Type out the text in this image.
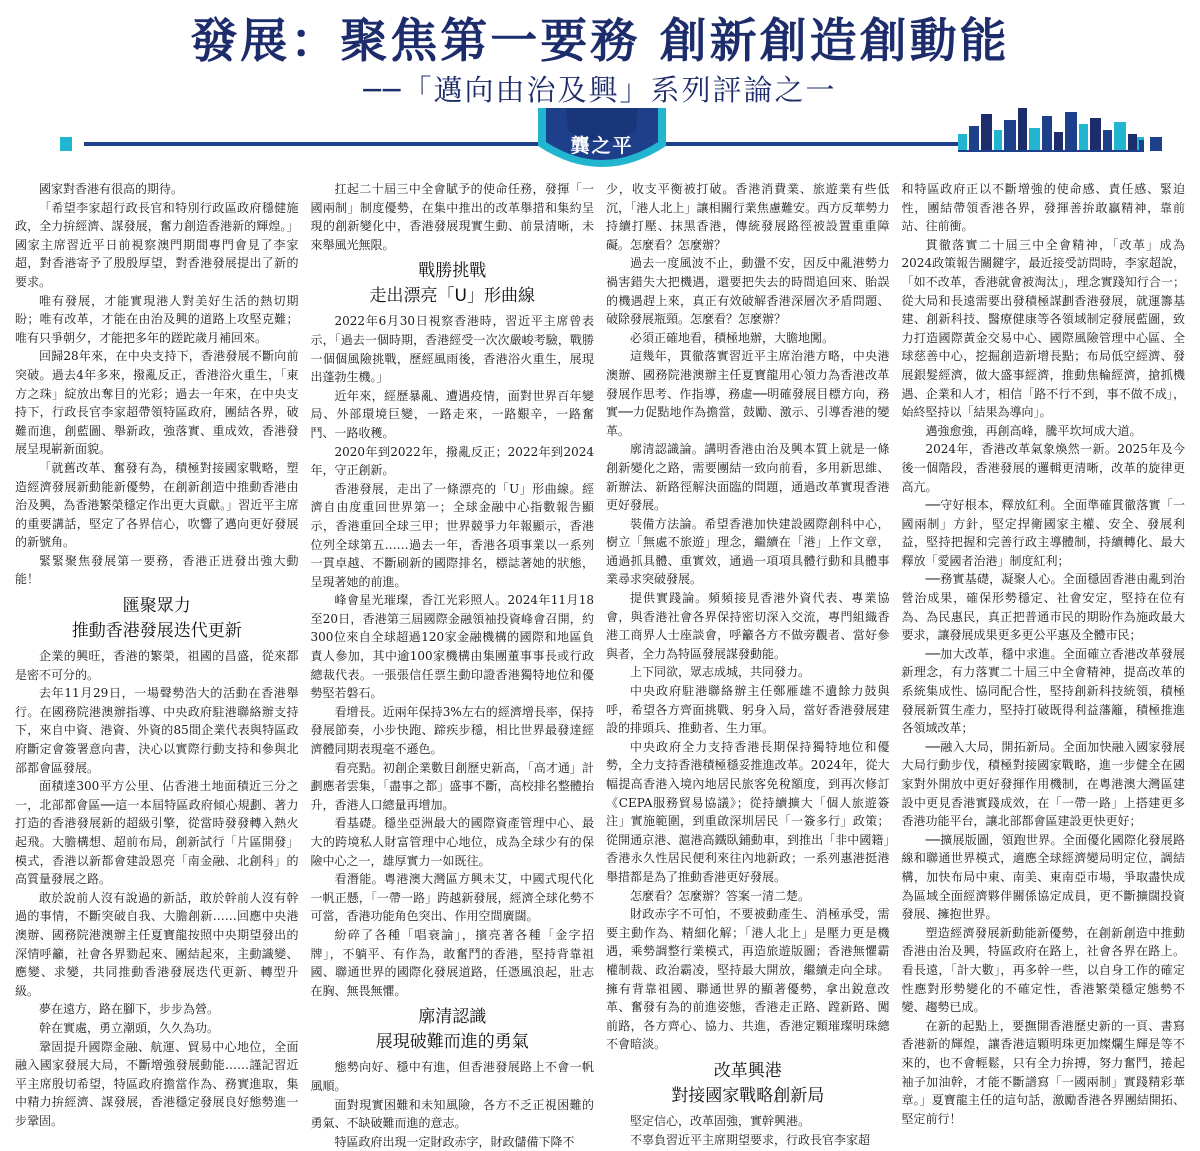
發展：聚焦第一要務 創新創造創動能
──「邁向由治及興」系列評論之一
龔之平

國家對香港有很高的期待。

「希望李家超行政長官和特別行政區政府穩健施政，全力拚經濟、謀發展，奮力創造香港新的輝煌。」國家主席習近平日前視察澳門期間專門會見了李家超，對香港寄予了殷殷厚望，對香港發展提出了新的要求。

唯有發展，才能實現港人對美好生活的熱切期盼；唯有改革，才能在由治及興的道路上攻堅克難；唯有只爭朝夕，才能把多年的蹉跎歲月補回來。

回歸28年來，在中央支持下，香港發展不斷向前突破。過去4年多來，撥亂反正，香港浴火重生，「東方之珠」綻放出奪目的光彩；過去一年來，在中央支持下，行政長官李家超帶領特區政府，團結各界，破難而進，創藍圖、舉新政，強落實、重成效，香港發展呈現嶄新面貌。

「就舊改革、奮發有為，積極對接國家戰略，塑造經濟發展新動能新優勢，在創新創造中推動香港由治及興，為香港繁榮穩定作出更大貢獻。」習近平主席的重要講話，堅定了各界信心，吹響了邁向更好發展的新號角。

緊緊聚焦發展第一要務，香港正迸發出強大動能！

匯聚眾力
推動香港發展迭代更新

企業的興旺，香港的繁榮，祖國的昌盛，從來都是密不可分的。

去年11月29日，一場聲勢浩大的活動在香港舉行。在國務院港澳辦指導、中央政府駐港聯絡辦支持下，來自中資、港資、外資的85間企業代表與特區政府斷定會簽署意向書，決心以實際行動支持和參與北部都會區發展。

面積達300平方公里、佔香港土地面積近三分之一，北部都會區──這一本屆特區政府傾心規劃、著力打造的香港發展新的超級引擎，從當時發發轉入熱火起飛。大膽構想、超前布局，創新試行「片區開發」模式，香港以新都會建設恩亮「南金融、北創科」的高質量發展之路。

敢於說前人沒有說過的新話，敢於幹前人沒有幹過的事情，不斷突破自我、大膽創新……回應中央港澳辦、國務院港澳辦主任夏寶龍按照中央期望發出的深情呼籲，社會各界勠起來、團結起來，主動識變、應變、求變，共同推動香港發展迭代更新、轉型升級。

夢在遠方，路在腳下，步步為營。

幹在實處，勇立潮頭，久久為功。

鞏固提升國際金融、航運、貿易中心地位，全面融入國家發展大局，不斷增強發展動能……謹記習近平主席殷切希望，特區政府擔當作為、務實進取，集中精力拚經濟、謀發展，香港穩定發展良好態勢進一步鞏固。

扛起二十屆三中全會賦予的使命任務，發揮「一國兩制」制度優勢，在集中推出的改革舉措和集約呈現的創新變化中，香港發展現實生動、前景清晰，未來舉風光無限。

戰勝挑戰
走出漂亮「U」形曲線

2022年6月30日視察香港時，習近平主席曾表示，「過去一個時期，香港經受一次次嚴峻考驗，戰勝一個個風險挑戰，歷經風雨後，香港浴火重生，展現出蓬勃生機。」

近年來，經歷暴亂、遭遇疫情，面對世界百年變局、外部環境巨變，一路走來，一路艱辛，一路奮鬥、一路收穫。

2020年到2022年，撥亂反正；2022年到2024年，守正創新。

香港發展，走出了一條漂亮的「U」形曲線。經濟自由度重回世界第一；全球金融中心指數報告顯示，香港重回全球三甲；世界競爭力年報顯示，香港位列全球第五……過去一年，香港各項事業以一系列一貫卓越、不斷刷新的國際排名，標誌著她的狀態，呈現著她的前進。

峰會星光璀璨，香江光彩照人。2024年11月18至20日，香港第三屆國際金融領袖投資峰會召開，約300位來自全球超過120家金融機構的國際和地區負責人參加，其中逾100家機構由集團董事事長或行政總裁代表。一張張信任票生動印證香港獨特地位和優勢堅若磐石。

看增長。近兩年保持3%左右的經濟增長率，保持發展節奏，小步快跑、蹄疾步穩，相比世界最發達經濟體同期表現毫不遜色。

看亮點。初創企業數目創歷史新高，「高才通」計劃應者雲集，「盡事之都」盛事不斷，高校排名整體抬升，香港人口總量再增加。

看基礎。穩坐亞洲最大的國際資產管理中心、最大的跨境私人財富管理中心地位，成為全球少有的保險中心之一，雄厚實力一如既往。

看潛能。粵港澳大灣區方興未艾，中國式現代化一帆正懸，「一帶一路」跨越新發展，經濟全球化勢不可當，香港功能角色突出、作用空間廣闊。

紛碎了各種「唱衰論」，擯亮著各種「金字招牌」，不躺平、有作為，敢奮鬥的香港，堅持背靠祖國、聯通世界的國際化發展道路，任憑風浪起，壯志在胸、無畏無懼。

廓清認識
展現破難而進的勇氣

態勢向好、穩中有進，但香港發展路上不會一帆風順。

面對現實困難和未知風險，各方不乏正視困難的勇氣、不缺破難而進的意志。

特區政府出現一定財政赤字，財政儲備下降不

少，收支平衡被打破。香港消費業、旅遊業有些低沉，「港人北上」讓相關行業焦慮難安。西方反華勢力持續打壓、抹黑香港，傳統發展路徑被設置重重障礙。怎麼看？怎麼辦？

過去一度風波不止，動盪不安，因反中亂港勢力禍害錯失大把機遇，還要把失去的時間追回來、貽誤的機遇趕上來，真正有效破解香港深層次矛盾問題、破除發展瓶頸。怎麼看？怎麼辦？

必須正確地看，積極地辦，大膽地闖。

這幾年，貫徹落實習近平主席治港方略，中央港澳辦、國務院港澳辦主任夏寶龍用心領力為香港改革發展作思考、作指導，務虛──明確發展目標方向，務實──力促點地作為擔當，鼓勵、激示、引導香港的變革。

廓清認識論。講明香港由治及興本質上就是一條創新變化之路，需要團結一致向前看，多用新思維、新辦法、新路徑解決面臨的問題，通過改革實現香港更好發展。

裝備方法論。希望香港加快建設國際創科中心，樹立「無處不旅遊」理念，繼續在「港」上作文章，通過抓具體、重實效，通過一項項具體行動和具體事業尋求突破發展。

提供實踐論。頻頻接見香港外資代表、專業協會，與香港社會各界保持密切深入交流，專門組織香港工商界人士座談會，呼籲各方不做旁觀者、當好參與者，全力為特區發展謀發動能。

上下同欲，眾志成城，共同發力。

中央政府駐港聯絡辦主任鄭雁雄不遺餘力鼓與呼，希望各方齊面挑戰、躬身入局，當好香港發展建設的排頭兵、推動者、生力軍。

中央政府全力支持香港長期保持獨特地位和優勢，全力支持香港積極穩妥推進改革。2024年，從大幅提高香港入境內地居民旅客免稅額度，到再次修訂《CEPA服務貿易協議》；從持續擴大「個人旅遊簽注」實施範圍，到重啟深圳居民「一簽多行」政策；從開通京港、滬港高鐵臥鋪動車，到推出「非中國籍」香港永久性居民便利來往內地新政；一系列惠港挺港舉措都是為了推動香港更好發展。

怎麼看？怎麼辦？答案一清二楚。

財政赤字不可怕，不要被動產生、消極承受，需要主動作為、精細化解；「港人北上」是壓力更是機遇，乘勢調整行業模式，再造旅遊版圖；香港無懼霸權制裁、政治霸凌，堅持最大開放，繼續走向全球。擁有背靠祖國、聯通世界的顯著優勢，拿出銳意改革、奮發有為的前進姿態，香港走正路、蹚新路、闖前路，各方齊心、協力、共進，香港定顆璀璨明珠總不會暗淡。

改革興港
對接國家戰略創新局

堅定信心，改革固強，實幹興港。

不辜負習近平主席期望要求，行政長官李家超

和特區政府正以不斷增強的使命感、責任感、緊迫性，團結帶領香港各界，發揮善拚敢贏精神，靠前站、往前衝。

貫徹落實二十屆三中全會精神，「改革」成為2024政策報告關鍵字，最近接受訪問時，李家超說，「如不改革，香港就會被淘汰」，理念實踐知行合一；從大局和長遠需要出發積極謀劃香港發展，就運籌基建、創新科技、醫療健康等各領域制定發展藍圖，致力打造國際黃金交易中心、國際風險管理中心區、全球慈善中心，挖掘創造新增長點；布局低空經濟、發展銀髮經濟，做大盛事經濟，推動焦輪經濟，搶抓機遇、企業和人才，相信「路不行不到，事不做不成」，始終堅持以「結果為導向」。

邁強愈強，再創高峰，騰平坎坷成大道。

2024年，香港改革氣象煥然一新。2025年及今後一個階段，香港發展的邏輯更清晰，改革的旋律更高亢。

──守好根本，釋放紅利。全面準確貫徹落實「一國兩制」方針，堅定捍衛國家主權、安全、發展利益，堅持把握和完善行政主導體制，持續轉化、最大釋放「愛國者治港」制度紅利；

──務實基礎，凝聚人心。全面穩固香港由亂到治營治成果，確保形勢穩定、社會安定，堅持在位有為、為民惠民，真正把普通市民的期盼作為施政最大要求，讓發展成果更多更公平惠及全體市民；

──加大改革，穩中求進。全面確立香港改革發展新理念，有力落實二十屆三中全會精神，提高改革的系統集成性、協同配合性，堅持創新科技統領，積極發展新質生產力，堅持打破既得利益藩籬，積極推進各領域改革；

──融入大局，開拓新局。全面加快融入國家發展大局行動步伐，積極對接國家戰略，進一步健全在國家對外開放中更好發揮作用機制，在粵港澳大灣區建設中更見香港實踐成效，在「一帶一路」上搭建更多香港功能平台，讓北部都會區建設更快更好；

──擴展版圖，領跑世界。全面優化國際化發展路線和聯通世界模式，適應全球經濟變局明定位，調結構，加快布局中東、南美、東南亞市場，爭取盡快成為區域全面經濟夥伴關係協定成員，更不斷擴闊投資發展、擁抱世界。

塑造經濟發展新動能新優勢，在創新創造中推動香港由治及興，特區政府在路上，社會各界在路上。看長遠，「計大數」，再多幹一些，以自身工作的確定性應對形勢變化的不確定性，香港繁榮穩定態勢不變、趨勢已成。

在新的起點上，要撫開香港歷史新的一頁、書寫香港新的輝煌，讓香港這顆明珠更加燦爛生輝是等不來的，也不會輕鬆，只有全力拚搏，努力奮鬥，捲起袖子加油幹，才能不斷譜寫「一國兩制」實踐精彩華章。」夏寶龍主任的這句話，激勵香港各界團結開拓、堅定前行！
